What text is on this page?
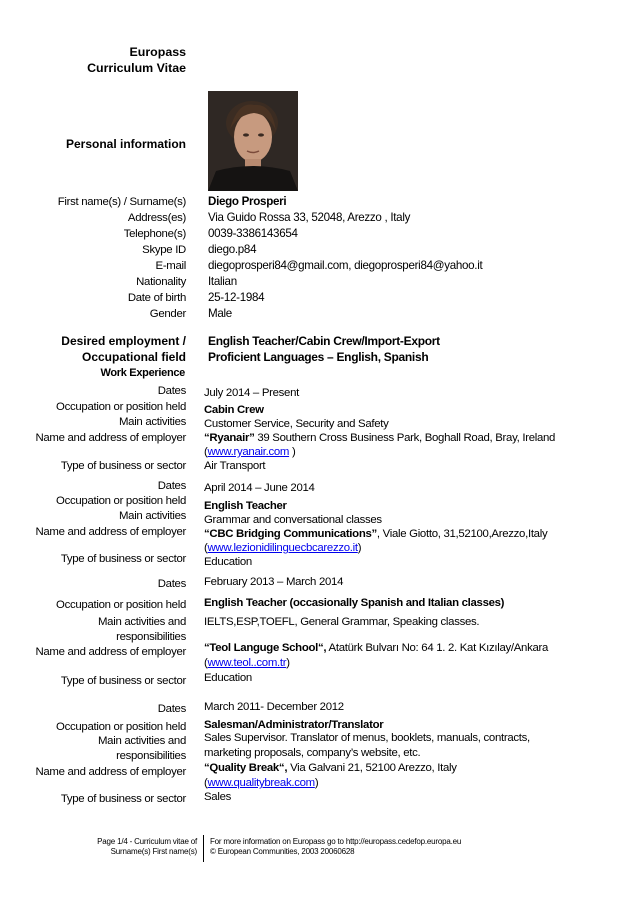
Europass
Curriculum Vitae
Personal information
First name(s) / Surname(s) Diego Prosperi
Address(es) Via Guido Rossa 33, 52048, Arezzo , Italy
Telephone(s) 0039-3386143654
Skype ID diego.p84
E-mail diegoprosperi84@gmail.com, diegoprosperi84@yahoo.it
Nationality Italian
Date of birth 25-12-1984
Gender Male
Desired employment /
Occupational field
English Teacher/Cabin Crew/Import-Export
Proficient Languages – English, Spanish
Work Experience
Dates July 2014 – Present
Occupation or position held Cabin Crew
Main activities Customer Service, Security and Safety
Name and address of employer “Ryanair” 39 Southern Cross Business Park, Boghall Road, Bray, Ireland
(www.ryanair.com )
Type of business or sector Air Transport
Dates April 2014 – June 2014
Occupation or position held English Teacher
Main activities Grammar and conversational classes
Name and address of employer “CBC Bridging Communications”, Viale Giotto, 31,52100,Arezzo,Italy
(www.lezionidilinguecbcarezzo.it)
Type of business or sector Education
Dates February 2013 – March 2014
Occupation or position held English Teacher (occasionally Spanish and Italian classes)
Main activities and IELTS,ESP,TOEFL, General Grammar, Speaking classes.
responsibilities
Name and address of employer “Teol Languge School“, Atatürk Bulvarı No: 64 1. 2. Kat Kızılay/Ankara
(www.teol..com.tr)
Type of business or sector Education
Dates March 2011- December 2012
Occupation or position held Salesman/Administrator/Translator
Main activities and Sales Supervisor. Translator of menus, booklets, manuals, contracts,
responsibilities marketing proposals, company’s website, etc.
Name and address of employer “Quality Break“, Via Galvani 21, 52100 Arezzo, Italy
(www.qualitybreak.com)
Type of business or sector Sales
Page 1/4 - Curriculum vitae of
Surname(s) First name(s)
For more information on Europass go to http://europass.cedefop.europa.eu
© European Communities, 2003 20060628
